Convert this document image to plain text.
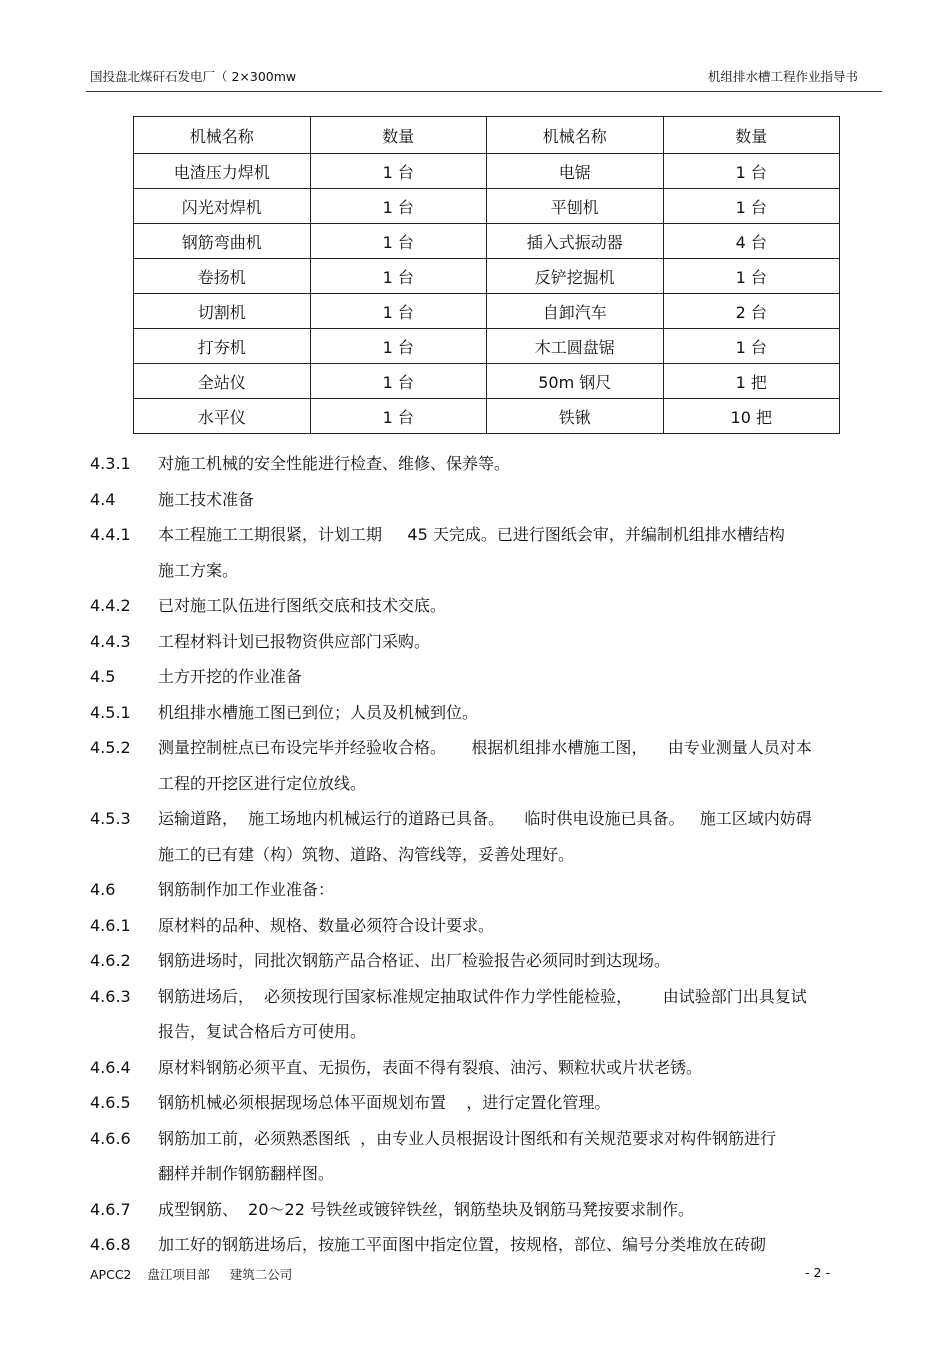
国投盘北煤矸石发电厂（ 2×300mw	机组排水槽工程作业指导书
机械名称	数量	机械名称	数量
电渣压力焊机	1 台	电锯	1 台
闪光对焊机	1 台	平刨机	1 台
钢筋弯曲机	1 台	插入式振动器	4 台
卷扬机	1 台	反铲挖掘机	1 台
切割机	1 台	自卸汽车	2 台
打夯机	1 台	木工圆盘锯	1 台
全站仪	1 台	50m 钢尺	1 把
水平仪	1 台	铁锹	10 把
4.3.1	对施工机械的安全性能进行检查、维修、保养等。
4.4	施工技术准备
4.4.1	本工程施工工期很紧，计划工期     45 天完成。已进行图纸会审，并编制机组排水槽结构
施工方案。
4.4.2	已对施工队伍进行图纸交底和技术交底。
4.4.3	工程材料计划已报物资供应部门采购。
4.5	土方开挖的作业准备
4.5.1	机组排水槽施工图已到位；人员及机械到位。
4.5.2	测量控制桩点已布设完毕并经验收合格。     根据机组排水槽施工图，    由专业测量人员对本
工程的开挖区进行定位放线。
4.5.3	运输道路，  施工场地内机械运行的道路已具备。    临时供电设施已具备。   施工区域内妨碍
施工的已有建（构）筑物、道路、沟管线等，妥善处理好。
4.6	钢筋制作加工作业准备：
4.6.1	原材料的品种、规格、数量必须符合设计要求。
4.6.2	钢筋进场时，同批次钢筋产品合格证、出厂检验报告必须同时到达现场。
4.6.3	钢筋进场后，  必须按现行国家标准规定抽取试件作力学性能检验，      由试验部门出具复试
报告，复试合格后方可使用。
4.6.4	原材料钢筋必须平直、无损伤，表面不得有裂痕、油污、颗粒状或片状老锈。
4.6.5	钢筋机械必须根据现场总体平面规划布置    ，进行定置化管理。
4.6.6	钢筋加工前，必须熟悉图纸  ，由专业人员根据设计图纸和有关规范要求对构件钢筋进行
翻样并制作钢筋翻样图。
4.6.7	成型钢筋、  20～22 号铁丝或镀锌铁丝，钢筋垫块及钢筋马凳按要求制作。
4.6.8	加工好的钢筋进场后，按施工平面图中指定位置，按规格，部位、编号分类堆放在砖砌
APCC2    盘江项目部     建筑二公司	- 2 -
